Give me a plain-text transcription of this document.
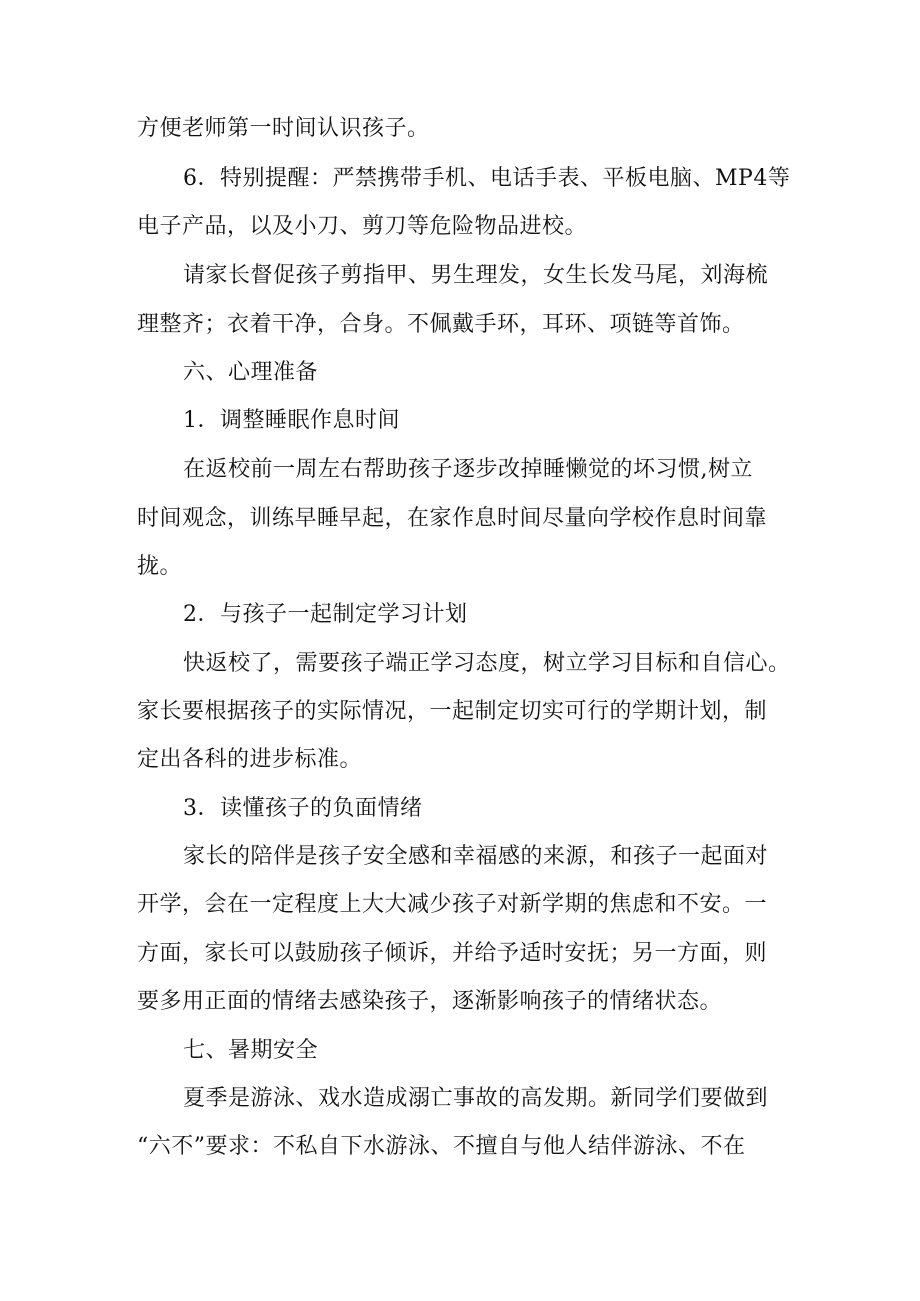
方便老师第一时间认识孩子。

6．特别提醒：严禁携带手机、电话手表、平板电脑、MP4等

电子产品，以及小刀、剪刀等危险物品进校。

请家长督促孩子剪指甲、男生理发，女生长发马尾，刘海梳

理整齐；衣着干净，合身。不佩戴手环，耳环、项链等首饰。

六、心理准备

1．调整睡眠作息时间

在返校前一周左右帮助孩子逐步改掉睡懒觉的坏习惯,树立

时间观念，训练早睡早起，在家作息时间尽量向学校作息时间靠

拢。

2．与孩子一起制定学习计划

快返校了，需要孩子端正学习态度，树立学习目标和自信心。

家长要根据孩子的实际情况，一起制定切实可行的学期计划，制

定出各科的进步标准。

3．读懂孩子的负面情绪

家长的陪伴是孩子安全感和幸福感的来源，和孩子一起面对

开学，会在一定程度上大大减少孩子对新学期的焦虑和不安。一

方面，家长可以鼓励孩子倾诉，并给予适时安抚；另一方面，则

要多用正面的情绪去感染孩子，逐渐影响孩子的情绪状态。

七、暑期安全

夏季是游泳、戏水造成溺亡事故的高发期。新同学们要做到

“六不”要求：不私自下水游泳、不擅自与他人结伴游泳、不在
